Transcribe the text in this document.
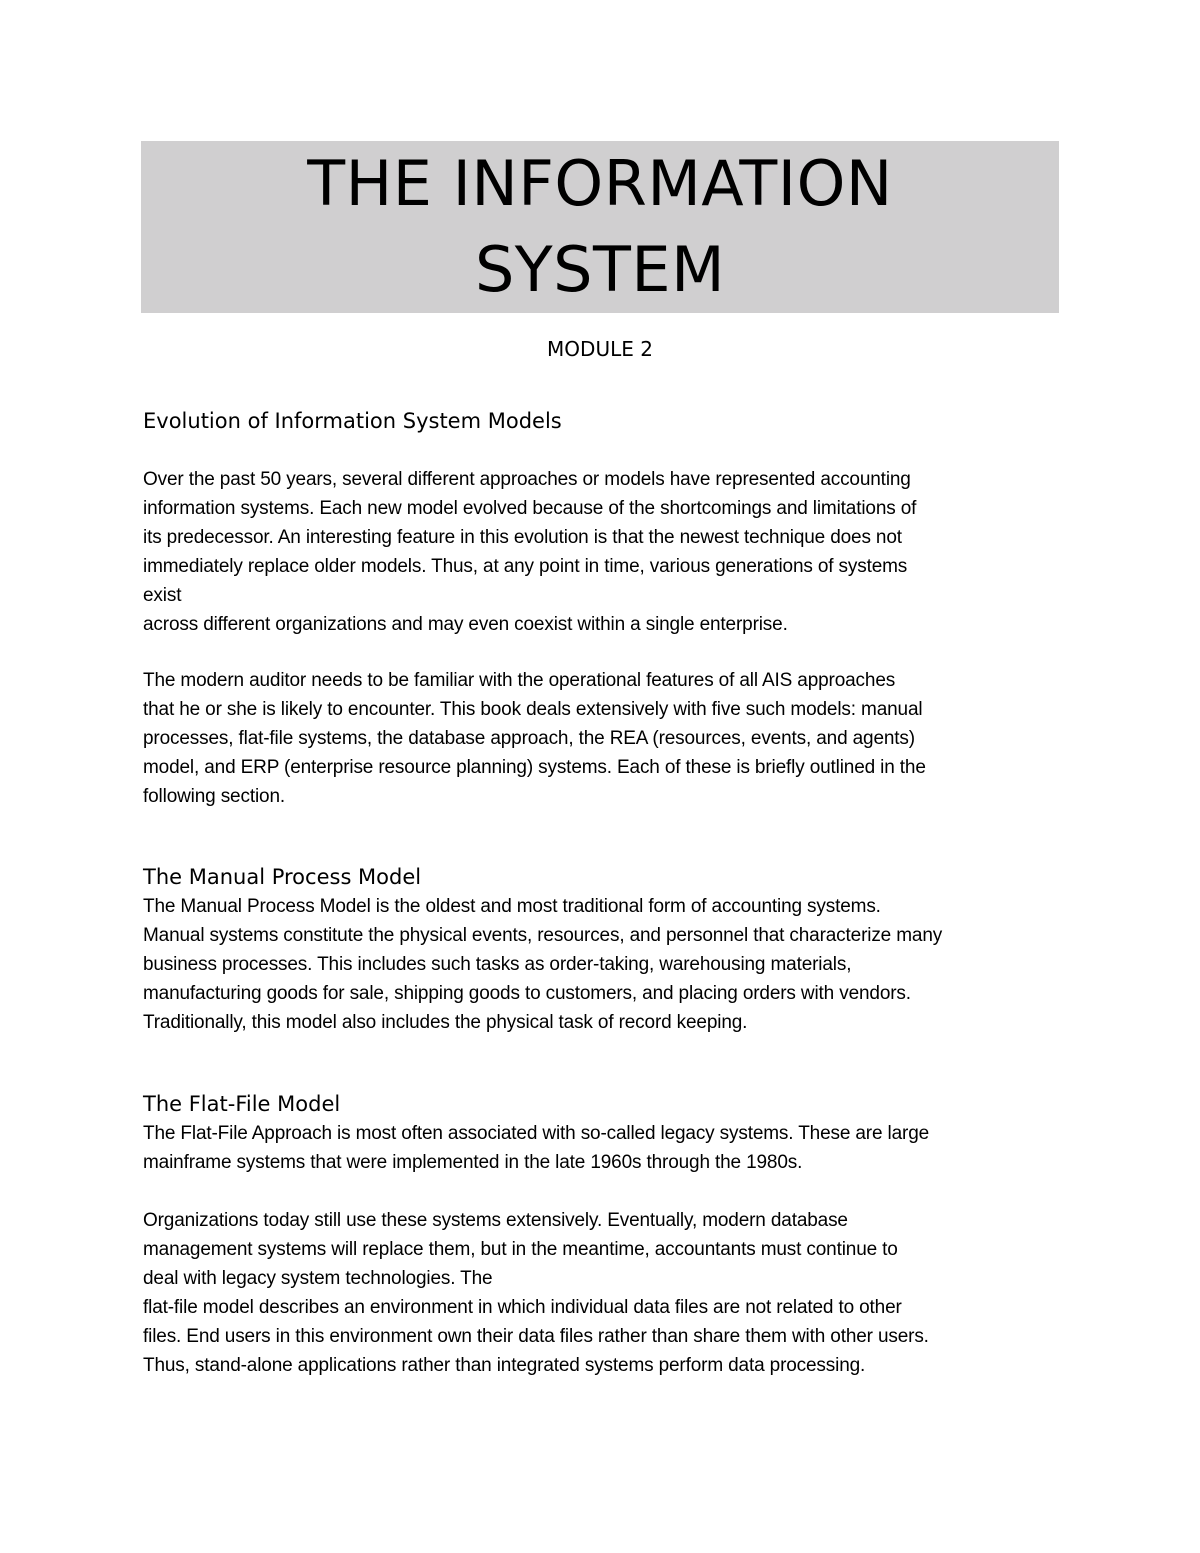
THE INFORMATION
SYSTEM
MODULE 2
Evolution of Information System Models
Over the past 50 years, several different approaches or models have represented accounting
information systems. Each new model evolved because of the shortcomings and limitations of
its predecessor. An interesting feature in this evolution is that the newest technique does not
immediately replace older models. Thus, at any point in time, various generations of systems
exist
across different organizations and may even coexist within a single enterprise.
The modern auditor needs to be familiar with the operational features of all AIS approaches
that he or she is likely to encounter. This book deals extensively with five such models: manual
processes, flat-file systems, the database approach, the REA (resources, events, and agents)
model, and ERP (enterprise resource planning) systems. Each of these is briefly outlined in the
following section.
The Manual Process Model
The Manual Process Model is the oldest and most traditional form of accounting systems.
Manual systems constitute the physical events, resources, and personnel that characterize many
business processes. This includes such tasks as order-taking, warehousing materials,
manufacturing goods for sale, shipping goods to customers, and placing orders with vendors.
Traditionally, this model also includes the physical task of record keeping.
The Flat-File Model
The Flat-File Approach is most often associated with so-called legacy systems. These are large
mainframe systems that were implemented in the late 1960s through the 1980s.
Organizations today still use these systems extensively. Eventually, modern database
management systems will replace them, but in the meantime, accountants must continue to
deal with legacy system technologies. The
flat-file model describes an environment in which individual data files are not related to other
files. End users in this environment own their data files rather than share them with other users.
Thus, stand-alone applications rather than integrated systems perform data processing.
